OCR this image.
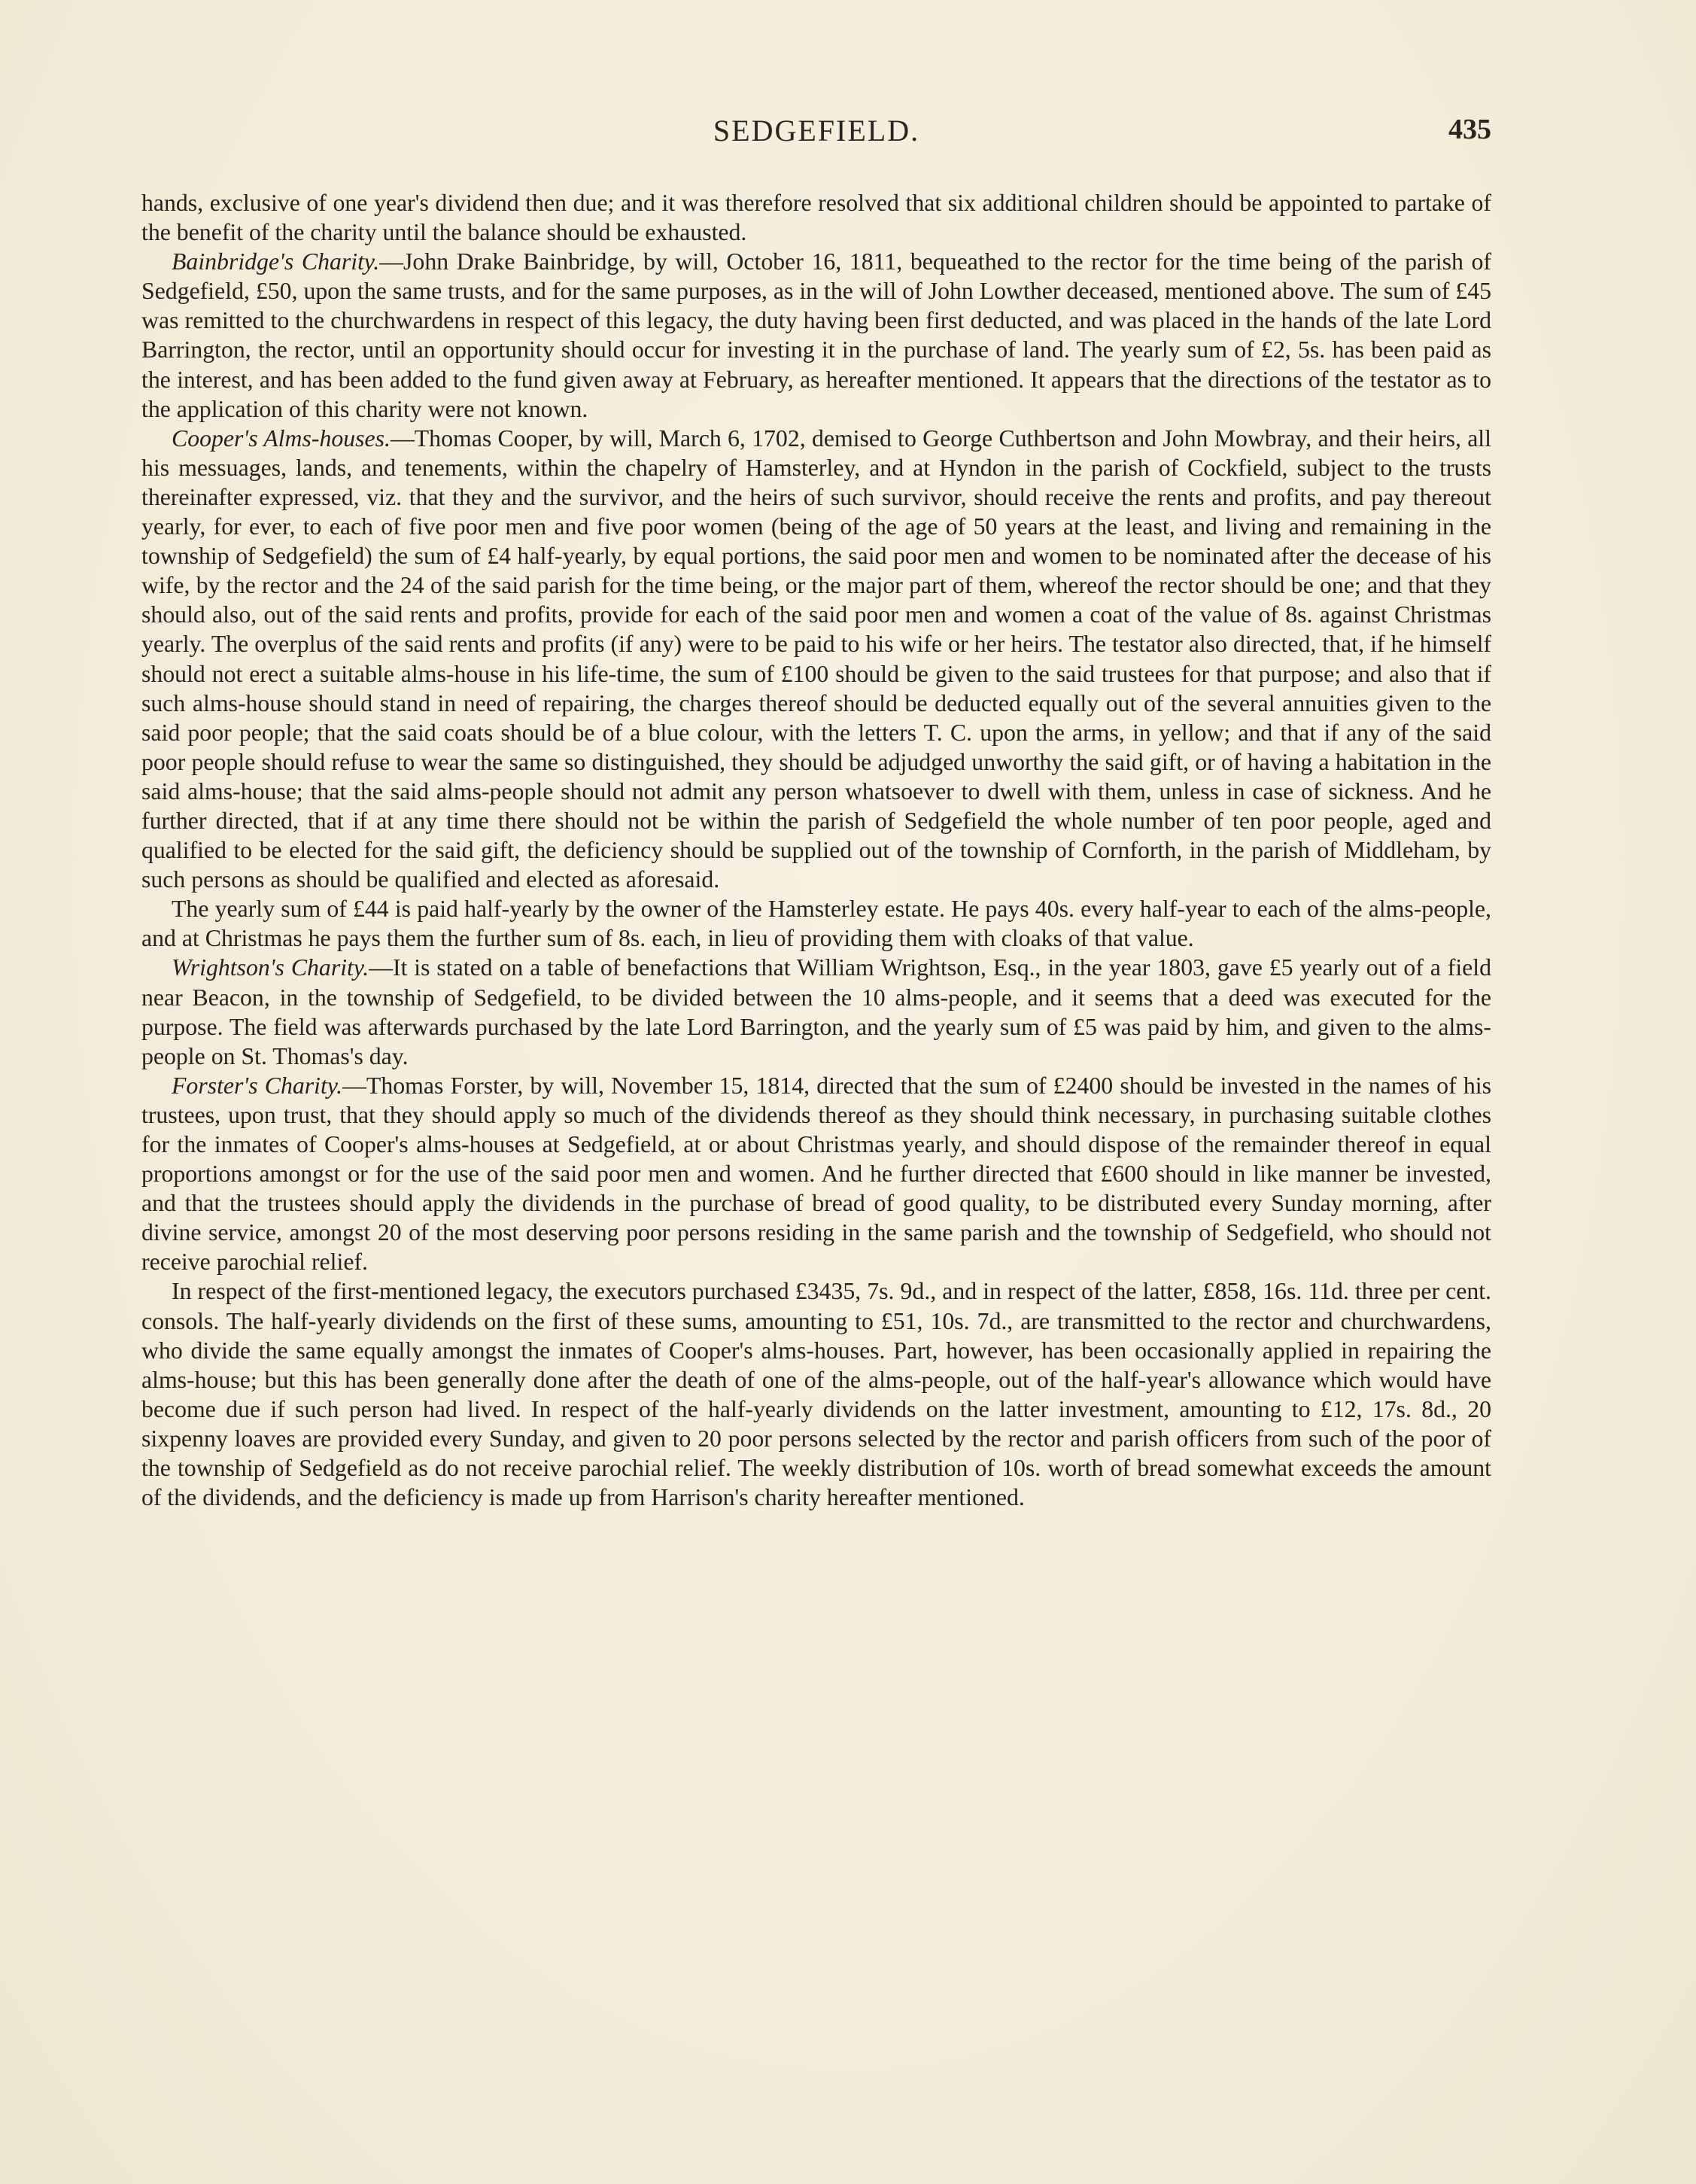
SEDGEFIELD.	435

hands, exclusive of one year's dividend then due; and it was therefore resolved that six additional children should be appointed to partake of the benefit of the charity until the balance should be exhausted.

Bainbridge's Charity.—John Drake Bainbridge, by will, October 16, 1811, bequeathed to the rector for the time being of the parish of Sedgefield, £50, upon the same trusts, and for the same purposes, as in the will of John Lowther deceased, mentioned above. The sum of £45 was remitted to the churchwardens in respect of this legacy, the duty having been first deducted, and was placed in the hands of the late Lord Barrington, the rector, until an opportunity should occur for investing it in the purchase of land. The yearly sum of £2, 5s. has been paid as the interest, and has been added to the fund given away at February, as hereafter mentioned. It appears that the directions of the testator as to the application of this charity were not known.

Cooper's Alms-houses.—Thomas Cooper, by will, March 6, 1702, demised to George Cuthbertson and John Mowbray, and their heirs, all his messuages, lands, and tenements, within the chapelry of Hamsterley, and at Hyndon in the parish of Cockfield, subject to the trusts thereinafter expressed, viz. that they and the survivor, and the heirs of such survivor, should receive the rents and profits, and pay thereout yearly, for ever, to each of five poor men and five poor women (being of the age of 50 years at the least, and living and remaining in the township of Sedgefield) the sum of £4 half-yearly, by equal portions, the said poor men and women to be nominated after the decease of his wife, by the rector and the 24 of the said parish for the time being, or the major part of them, whereof the rector should be one; and that they should also, out of the said rents and profits, provide for each of the said poor men and women a coat of the value of 8s. against Christmas yearly. The overplus of the said rents and profits (if any) were to be paid to his wife or her heirs. The testator also directed, that, if he himself should not erect a suitable alms-house in his life-time, the sum of £100 should be given to the said trustees for that purpose; and also that if such alms-house should stand in need of repairing, the charges thereof should be deducted equally out of the several annuities given to the said poor people; that the said coats should be of a blue colour, with the letters T. C. upon the arms, in yellow; and that if any of the said poor people should refuse to wear the same so distinguished, they should be adjudged unworthy the said gift, or of having a habitation in the said alms-house; that the said alms-people should not admit any person whatsoever to dwell with them, unless in case of sickness. And he further directed, that if at any time there should not be within the parish of Sedgefield the whole number of ten poor people, aged and qualified to be elected for the said gift, the deficiency should be supplied out of the township of Cornforth, in the parish of Middleham, by such persons as should be qualified and elected as aforesaid.

The yearly sum of £44 is paid half-yearly by the owner of the Hamsterley estate. He pays 40s. every half-year to each of the alms-people, and at Christmas he pays them the further sum of 8s. each, in lieu of providing them with cloaks of that value.

Wrightson's Charity.—It is stated on a table of benefactions that William Wrightson, Esq., in the year 1803, gave £5 yearly out of a field near Beacon, in the township of Sedgefield, to be divided between the 10 alms-people, and it seems that a deed was executed for the purpose. The field was afterwards purchased by the late Lord Barrington, and the yearly sum of £5 was paid by him, and given to the alms-people on St. Thomas's day.

Forster's Charity.—Thomas Forster, by will, November 15, 1814, directed that the sum of £2400 should be invested in the names of his trustees, upon trust, that they should apply so much of the dividends thereof as they should think necessary, in purchasing suitable clothes for the inmates of Cooper's alms-houses at Sedgefield, at or about Christmas yearly, and should dispose of the remainder thereof in equal proportions amongst or for the use of the said poor men and women. And he further directed that £600 should in like manner be invested, and that the trustees should apply the dividends in the purchase of bread of good quality, to be distributed every Sunday morning, after divine service, amongst 20 of the most deserving poor persons residing in the same parish and the township of Sedgefield, who should not receive parochial relief.

In respect of the first-mentioned legacy, the executors purchased £3435, 7s. 9d., and in respect of the latter, £858, 16s. 11d. three per cent. consols. The half-yearly dividends on the first of these sums, amounting to £51, 10s. 7d., are transmitted to the rector and churchwardens, who divide the same equally amongst the inmates of Cooper's alms-houses. Part, however, has been occasionally applied in repairing the alms-house; but this has been generally done after the death of one of the alms-people, out of the half-year's allowance which would have become due if such person had lived. In respect of the half-yearly dividends on the latter investment, amounting to £12, 17s. 8d., 20 sixpenny loaves are provided every Sunday, and given to 20 poor persons selected by the rector and parish officers from such of the poor of the township of Sedgefield as do not receive parochial relief. The weekly distribution of 10s. worth of bread somewhat exceeds the amount of the dividends, and the deficiency is made up from Harrison's charity hereafter mentioned.
